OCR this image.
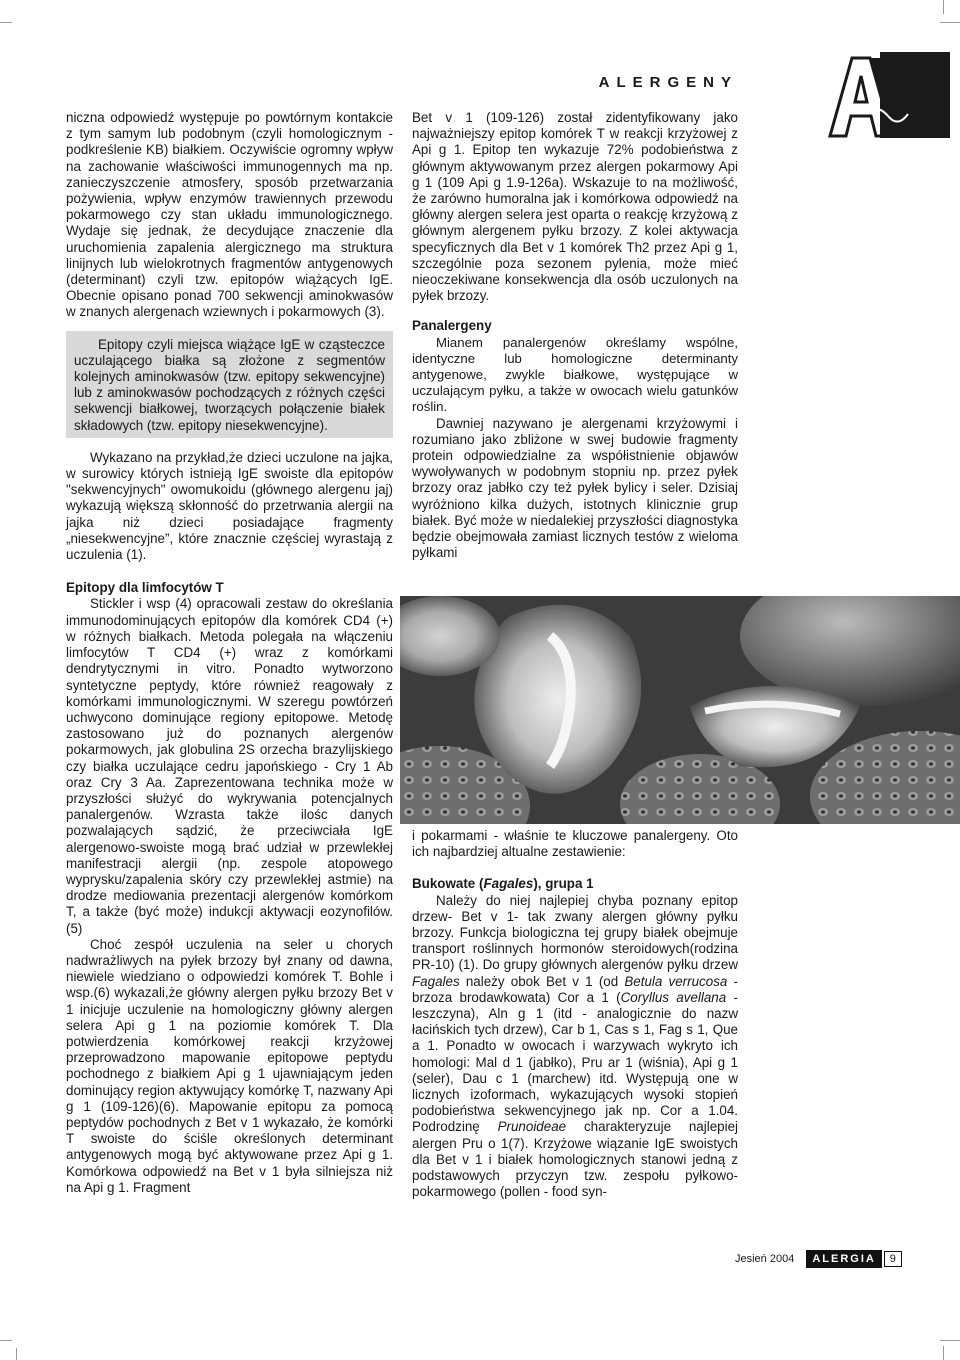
ALERGENY
A

niczna odpowiedź występuje po powtórnym kontakcie z tym samym lub podobnym (czyli homologicznym - podkreślenie KB) białkiem. Oczywiście ogromny wpływ na zachowanie właściwości immunogennych ma np. zanieczyszczenie atmosfery, sposób przetwarzania pożywienia, wpływ enzymów trawiennych przewodu pokarmowego czy stan układu immunologicznego. Wydaje się jednak, że decydujące znaczenie dla uruchomienia zapalenia alergicznego ma struktura linijnych lub wielokrotnych fragmentów antygenowych (determinant) czyli tzw. epitopów wiążących IgE. Obecnie opisano ponad 700 sekwencji aminokwasów w znanych alergenach wziewnych i pokarmowych (3).

Epitopy czyli miejsca wiążące IgE w cząsteczce uczulającego białka są złożone z segmentów kolejnych aminokwasów (tzw. epitopy sekwencyjne) lub z aminokwasów pochodzących z różnych części sekwencji białkowej, tworzących połączenie białek składowych (tzw. epitopy niesekwencyjne).

Wykazano na przykład,że dzieci uczulone na jajka, w surowicy których istnieją IgE swoiste dla epitopów "sekwencyjnych" owomukoidu (głównego alergenu jaj) wykazują większą skłonność do przetrwania alergii na jajka niż dzieci posiadające fragmenty „niesekwencyjne”, które znacznie częściej wyrastają z uczulenia (1).

Epitopy dla limfocytów T

Stickler i wsp (4) opracowali zestaw do określania immunodominujących epitopów dla komórek CD4 (+) w różnych białkach. Metoda polegała na włączeniu limfocytów T CD4 (+) wraz z komórkami dendrytycznymi in vitro. Ponadto wytworzono syntetyczne peptydy, które również reagowały z komórkami immunologicznymi. W szeregu powtórzeń uchwycono dominujące regiony epitopowe. Metodę zastosowano już do poznanych alergenów pokarmowych, jak globulina 2S orzecha brazylijskiego czy białka uczulające cedru japońskiego - Cry 1 Ab oraz Cry 3 Aa. Zaprezentowana technika może w przyszłości służyć do wykrywania potencjalnych panalergenów. Wzrasta także ilośc danych pozwalających sądzić, że przeciwciała IgE alergenowo-swoiste mogą brać udział w przewlekłej manifestracji alergii (np. zespole atopowego wyprysku/zapalenia skóry czy przewlekłej astmie) na drodze mediowania prezentacji alergenów komórkom T, a także (być może) indukcji aktywacji eozynofilów. (5)

Choć zespół uczulenia na seler u chorych nadwrażliwych na pyłek brzozy był znany od dawna, niewiele wiedziano o odpowiedzi komórek T. Bohle i wsp.(6) wykazali,że główny alergen pyłku brzozy Bet v 1 inicjuje uczulenie na homologiczny główny alergen selera Api g 1 na poziomie komórek T. Dla potwierdzenia komórkowej reakcji krzyżowej przeprowadzono mapowanie epitopowe peptydu pochodnego z białkiem Api g 1 ujawniającym jeden dominujący region aktywujący komórkę T, nazwany Api g 1 (109-126)(6). Mapowanie epitopu za pomocą peptydów pochodnych z Bet v 1 wykazało, że komórki T swoiste do ściśle określonych determinant antygenowych mogą być aktywowane przez Api g 1. Komórkowa odpowiedź na Bet v 1 była silniejsza niż na Api g 1. Fragment

Bet v 1 (109-126) został zidentyfikowany jako najważniejszy epitop komórek T w reakcji krzyżowej z Api g 1. Epitop ten wykazuje 72% podobieństwa z głównym aktywowanym przez alergen pokarmowy Api g 1 (109 Api g 1.9-126a). Wskazuje to na możliwość, że zarówno humoralna jak i komórkowa odpowiedź na główny alergen selera jest oparta o reakcję krzyżową z głównym alergenem pyłku brzozy. Z kolei aktywacja specyficznych dla Bet v 1 komórek Th2 przez Api g 1, szczególnie poza sezonem pylenia, może mieć nieoczekiwane konsekwencja dla osób uczulonych na pyłek brzozy.

Panalergeny

Mianem panalergenów określamy wspólne, identyczne lub homologiczne determinanty antygenowe, zwykle białkowe, występujące w uczulającym pyłku, a także w owocach wielu gatunków roślin.

Dawniej nazywano je alergenami krzyżowymi i rozumiano jako zbliżone w swej budowie fragmenty protein odpowiedzialne za współistnienie objawów wywoływanych w podobnym stopniu np. przez pyłek brzozy oraz jabłko czy też pyłek bylicy i seler. Dzisiaj wyróżniono kilka dużych, istotnych klinicznie grup białek. Być może w niedalekiej przyszłości diagnostyka będzie obejmowała zamiast licznych testów z wieloma pyłkami

i pokarmami - właśnie te kluczowe panalergeny. Oto ich najbardziej altualne zestawienie:

Bukowate (Fagales), grupa 1

Należy do niej najlepiej chyba poznany epitop drzew- Bet v 1- tak zwany alergen główny pyłku brzozy. Funkcja biologiczna tej grupy białek obejmuje transport roślinnych hormonów steroidowych(rodzina PR-10) (1). Do grupy głównych alergenów pyłku drzew Fagales należy obok Bet v 1 (od Betula verrucosa - brzoza brodawkowata) Cor a 1 (Coryllus avellana - leszczyna), Aln g 1 (itd - analogicznie do nazw łacińskich tych drzew), Car b 1, Cas s 1, Fag s 1, Que a 1. Ponadto w owocach i warzywach wykryto ich homologi: Mal d 1 (jabłko), Pru ar 1 (wiśnia), Api g 1 (seler), Dau c 1 (marchew) itd. Występują one w licznych izoformach, wykazujących wysoki stopień podobieństwa sekwencyjnego jak np. Cor a 1.04. Podrodzinę Prunoideae charakteryzuje najlepiej alergen Pru o 1(7). Krzyżowe wiązanie IgE swoistych dla Bet v 1 i białek homologicznych stanowi jedną z podstawowych przyczyn tzw. zespołu pyłkowo-pokarmowego (pollen - food syn-

Jesień 2004	ALERGIA	9
